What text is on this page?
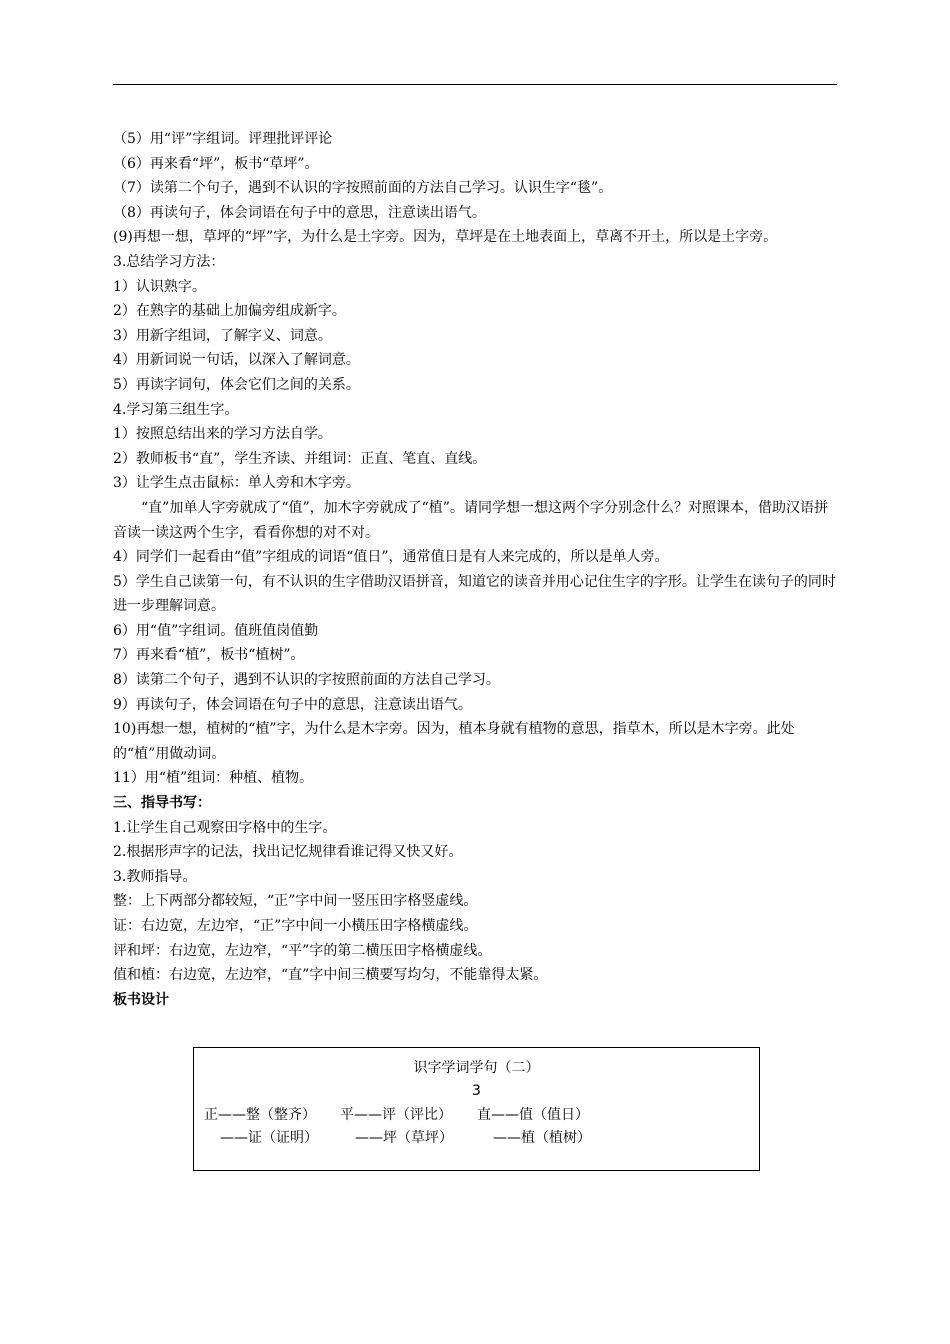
（5）用“评”字组词。评理批评评论
（6）再来看“坪”，板书“草坪”。
（7）读第二个句子，遇到不认识的字按照前面的方法自己学习。认识生字“毯”。
（8）再读句子，体会词语在句子中的意思，注意读出语气。
(9)再想一想，草坪的“坪”字，为什么是土字旁。因为，草坪是在土地表面上，草离不开土，所以是土字旁。
3.总结学习方法：
1）认识熟字。
2）在熟字的基础上加偏旁组成新字。
3）用新字组词，了解字义、词意。
4）用新词说一句话，以深入了解词意。
5）再读字词句，体会它们之间的关系。
4.学习第三组生字。
1）按照总结出来的学习方法自学。
2）教师板书“直”，学生齐读、并组词：正直、笔直、直线。
3）让学生点击鼠标：单人旁和木字旁。
“直”加单人字旁就成了“值”，加木字旁就成了“植”。请同学想一想这两个字分别念什么？对照课本，借助汉语拼音读一读这两个生字，看看你想的对不对。
4）同学们一起看由“值”字组成的词语“值日”，通常值日是有人来完成的，所以是单人旁。
5）学生自己读第一句，有不认识的生字借助汉语拼音，知道它的读音并用心记住生字的字形。让学生在读句子的同时进一步理解词意。
6）用“值”字组词。值班值岗值勤
7）再来看“植”，板书“植树”。
8）读第二个句子，遇到不认识的字按照前面的方法自己学习。
9）再读句子，体会词语在句子中的意思，注意读出语气。
10)再想一想，植树的“植”字，为什么是木字旁。因为，植本身就有植物的意思，指草木，所以是木字旁。此处的“植”用做动词。
11）用“植”组词：种植、植物。
三、指导书写：
1.让学生自己观察田字格中的生字。
2.根据形声字的记法，找出记忆规律看谁记得又快又好。
3.教师指导。
整：上下两部分都较短，“正”字中间一竖压田字格竖虚线。
证：右边宽，左边窄，“正”字中间一小横压田字格横虚线。
评和坪：右边宽，左边窄，“平”字的第二横压田字格横虚线。
值和植：右边宽，左边窄，“直”字中间三横要写均匀，不能靠得太紧。
板书设计
识字学词学句（二）
3
正——整（整齐） 平——评（评比） 直——值（值日）
——证（证明）	——坪（草坪）	——植（植树）
